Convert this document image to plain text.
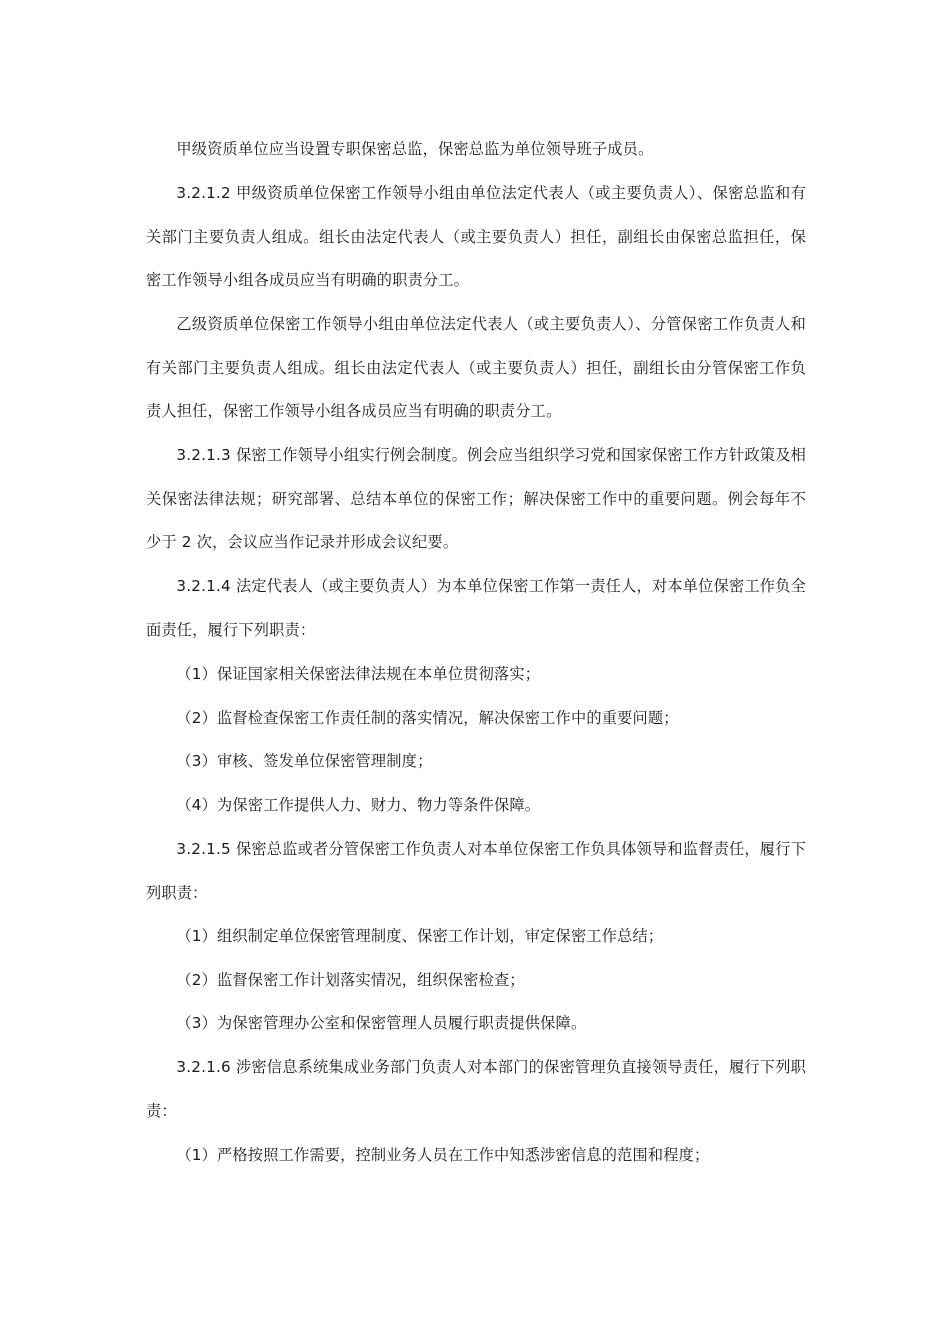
甲级资质单位应当设置专职保密总监，保密总监为单位领导班子成员。

3.2.1.2 甲级资质单位保密工作领导小组由单位法定代表人（或主要负责人）、保密总监和有关部门主要负责人组成。组长由法定代表人（或主要负责人）担任，副组长由保密总监担任，保密工作领导小组各成员应当有明确的职责分工。

乙级资质单位保密工作领导小组由单位法定代表人（或主要负责人）、分管保密工作负责人和有关部门主要负责人组成。组长由法定代表人（或主要负责人）担任，副组长由分管保密工作负责人担任，保密工作领导小组各成员应当有明确的职责分工。

3.2.1.3 保密工作领导小组实行例会制度。例会应当组织学习党和国家保密工作方针政策及相关保密法律法规；研究部署、总结本单位的保密工作；解决保密工作中的重要问题。例会每年不少于 2 次，会议应当作记录并形成会议纪要。

3.2.1.4 法定代表人（或主要负责人）为本单位保密工作第一责任人，对本单位保密工作负全面责任，履行下列职责：

（1）保证国家相关保密法律法规在本单位贯彻落实；

（2）监督检查保密工作责任制的落实情况，解决保密工作中的重要问题；

（3）审核、签发单位保密管理制度；

（4）为保密工作提供人力、财力、物力等条件保障。

3.2.1.5 保密总监或者分管保密工作负责人对本单位保密工作负具体领导和监督责任，履行下列职责：

（1）组织制定单位保密管理制度、保密工作计划，审定保密工作总结；

（2）监督保密工作计划落实情况，组织保密检查；

（3）为保密管理办公室和保密管理人员履行职责提供保障。

3.2.1.6 涉密信息系统集成业务部门负责人对本部门的保密管理负直接领导责任，履行下列职责：

（1）严格按照工作需要，控制业务人员在工作中知悉涉密信息的范围和程度；
